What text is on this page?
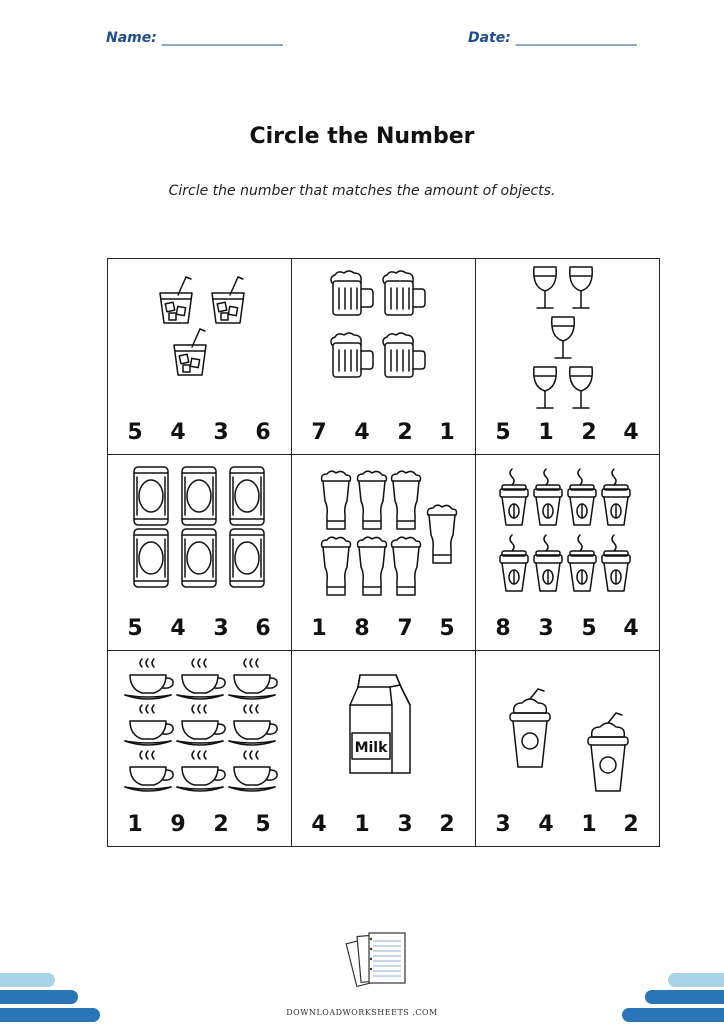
Name: ____________________	Date: ____________________
Circle the Number
Circle the number that matches the amount of objects.
5	4	3	6	7	4	2	1	5	1	2	4
5	4	3	6	1	8	7	5	8	3	5	4
1	9	2	5
Milk
4	1	3	2	3	4	1	2
DOWNLOADWORKSHEETS .COM
